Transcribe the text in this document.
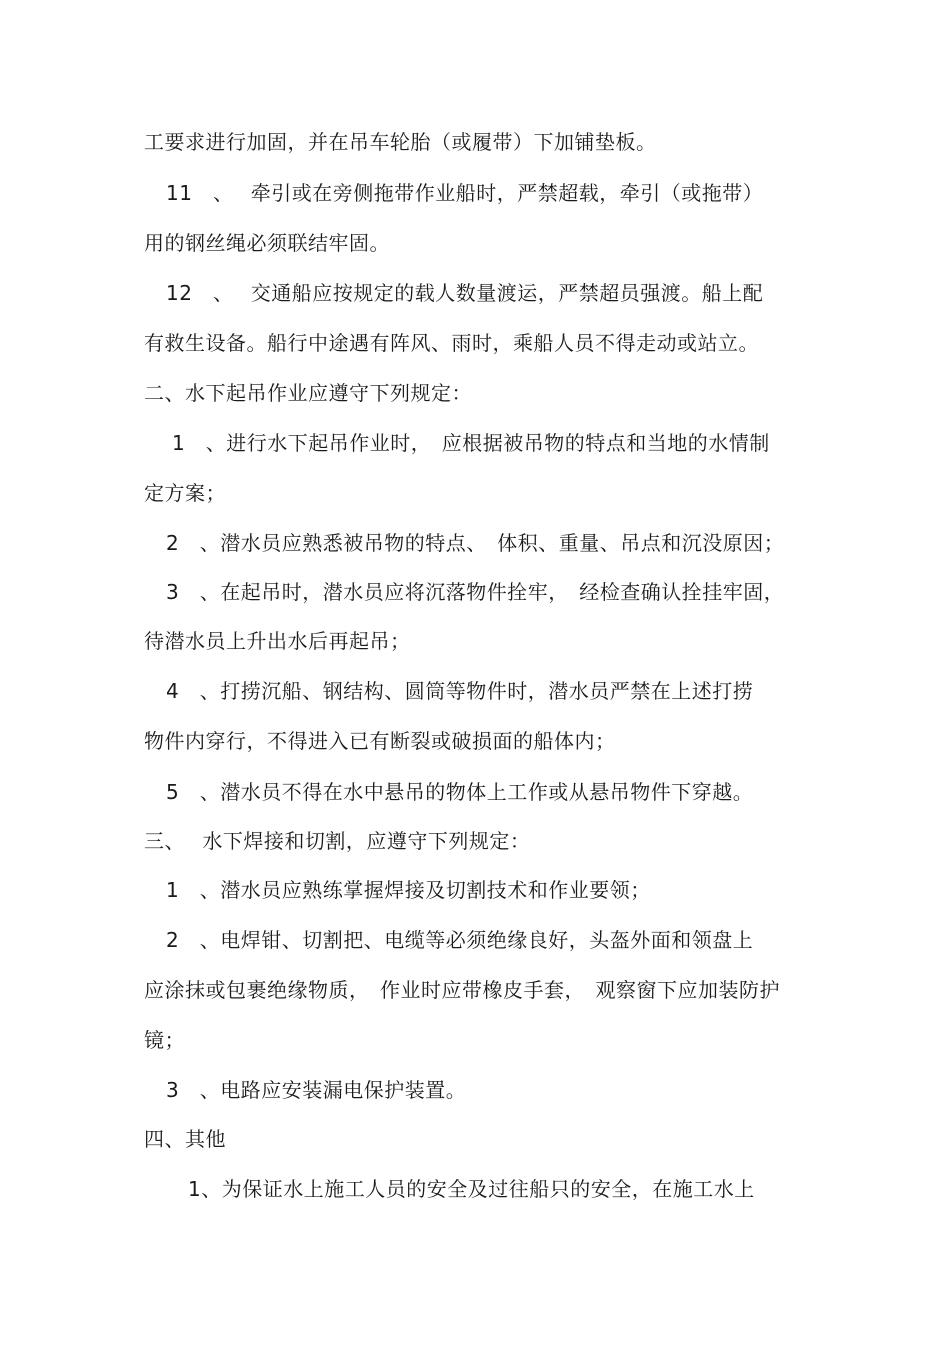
工要求进行加固，并在吊车轮胎（或履带）下加铺垫板。
11　、　 牵引或在旁侧拖带作业船时，严禁超载，牵引（或拖带）
用的钢丝绳必须联结牢固。
12　、　 交通船应按规定的载人数量渡运，严禁超员强渡。船上配
有救生设备。船行中途遇有阵风、雨时，乘船人员不得走动或站立。
二、水下起吊作业应遵守下列规定：
1　、进行水下起吊作业时，　应根据被吊物的特点和当地的水情制
定方案；
2　、潜水员应熟悉被吊物的特点、　体积、重量、吊点和沉没原因；
3　、在起吊时，潜水员应将沉落物件拴牢，　经检查确认拴挂牢固，
待潜水员上升出水后再起吊；
4　、打捞沉船、钢结构、圆筒等物件时，潜水员严禁在上述打捞
物件内穿行，不得进入已有断裂或破损面的船体内；
5　、潜水员不得在水中悬吊的物体上工作或从悬吊物件下穿越。
三、　 水下焊接和切割，应遵守下列规定：
1　、潜水员应熟练掌握焊接及切割技术和作业要领；
2　、电焊钳、切割把、电缆等必须绝缘良好，头盔外面和领盘上
应涂抹或包裹绝缘物质，　作业时应带橡皮手套，　观察窗下应加装防护
镜；
3　、电路应安装漏电保护装置。
四、其他
1、为保证水上施工人员的安全及过往船只的安全，在施工水上
